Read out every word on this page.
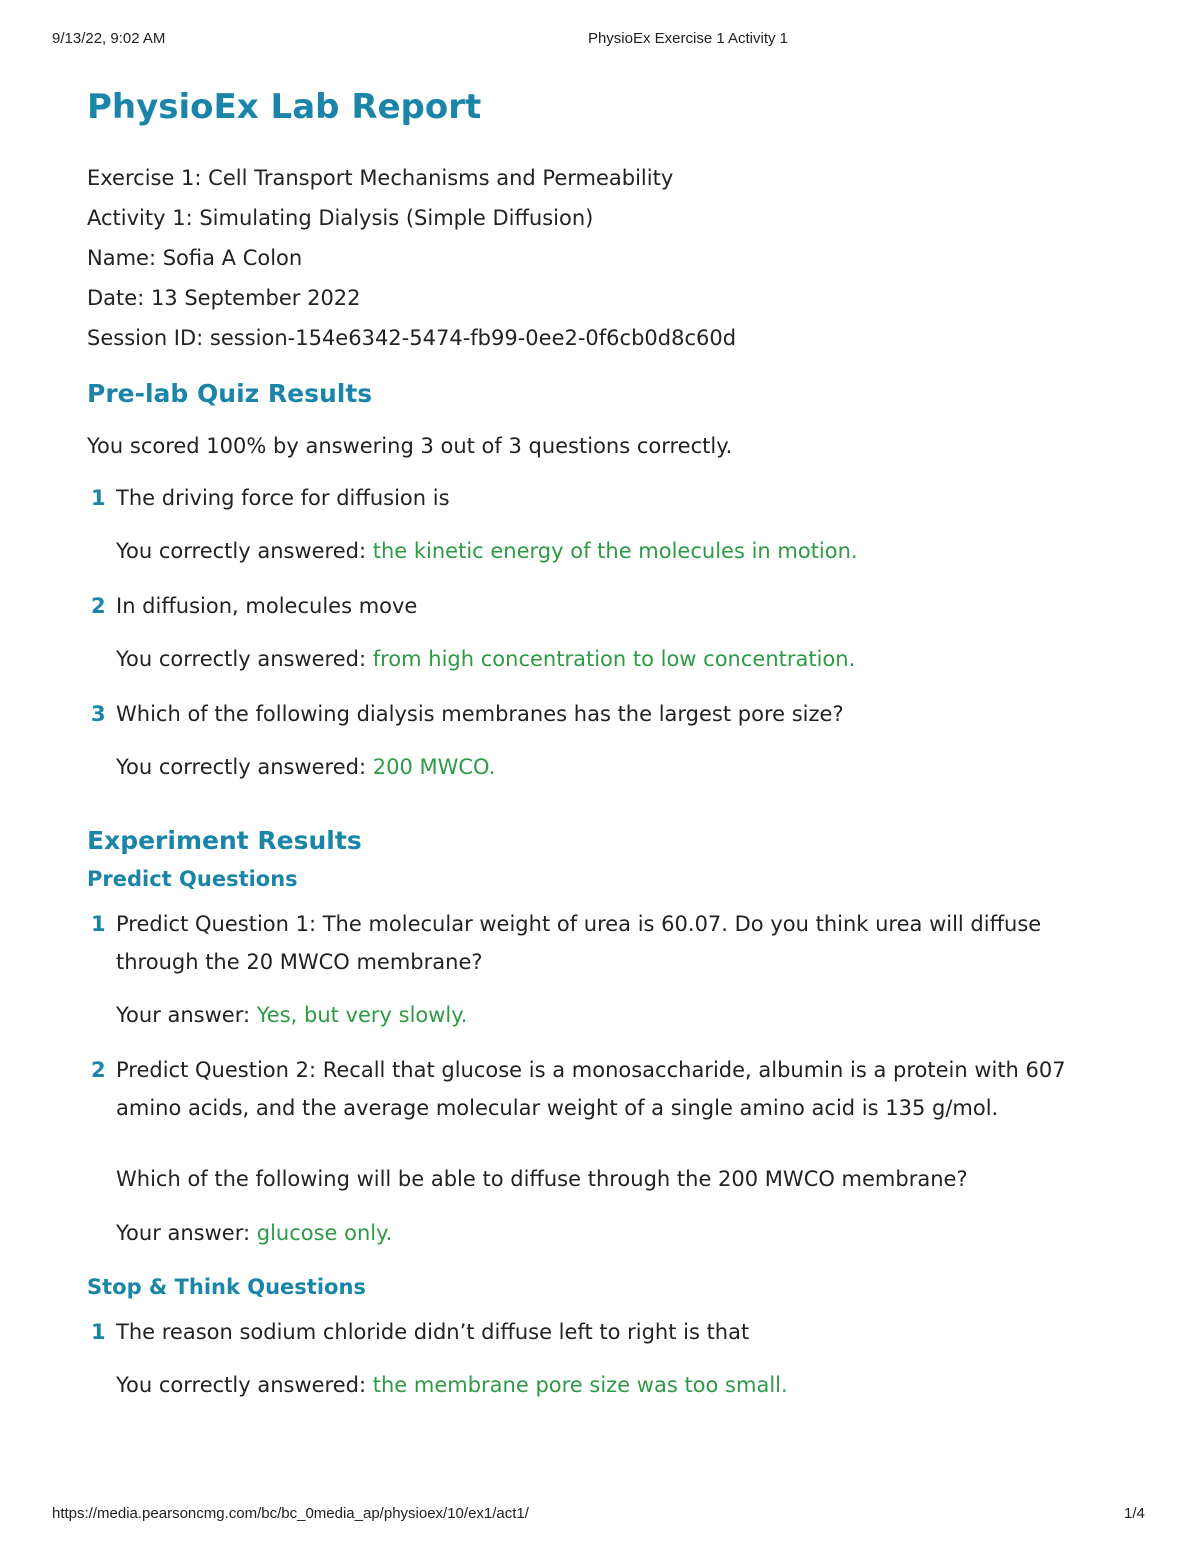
9/13/22, 9:02 AM	PhysioEx Exercise 1 Activity 1
PhysioEx Lab Report
Exercise 1: Cell Transport Mechanisms and Permeability
Activity 1: Simulating Dialysis (Simple Diffusion)
Name: Sofia A Colon
Date: 13 September 2022
Session ID: session-154e6342-5474-fb99-0ee2-0f6cb0d8c60d
Pre-lab Quiz Results
You scored 100% by answering 3 out of 3 questions correctly.
1 The driving force for diffusion is
You correctly answered: the kinetic energy of the molecules in motion.
2 In diffusion, molecules move
You correctly answered: from high concentration to low concentration.
3 Which of the following dialysis membranes has the largest pore size?
You correctly answered: 200 MWCO.
Experiment Results
Predict Questions
1 Predict Question 1: The molecular weight of urea is 60.07. Do you think urea will diffuse through the 20 MWCO membrane?
Your answer: Yes, but very slowly.
2 Predict Question 2: Recall that glucose is a monosaccharide, albumin is a protein with 607 amino acids, and the average molecular weight of a single amino acid is 135 g/mol.
Which of the following will be able to diffuse through the 200 MWCO membrane?
Your answer: glucose only.
Stop & Think Questions
1 The reason sodium chloride didn’t diffuse left to right is that
You correctly answered: the membrane pore size was too small.
https://media.pearsoncmg.com/bc/bc_0media_ap/physioex/10/ex1/act1/	1/4
